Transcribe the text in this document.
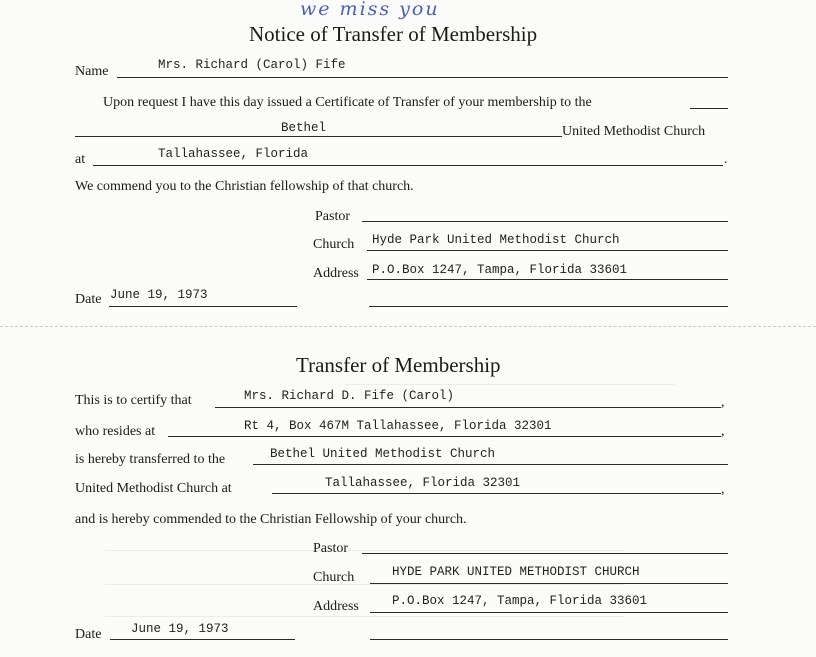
we miss you
Notice of Transfer of Membership
Name	Mrs. Richard (Carol) Fife
Upon request I have this day issued a Certificate of Transfer of your membership to the
Bethel	United Methodist Church
at	Tallahassee, Florida	.
We commend you to the Christian fellowship of that church.
Pastor
Church Hyde Park United Methodist Church
Address P.O.Box 1247, Tampa, Florida 33601
Date June 19, 1973
Transfer of Membership
This is to certify that	Mrs. Richard D. Fife (Carol)	,
who resides at	Rt 4, Box 467M Tallahassee, Florida 32301	,
is hereby transferred to the	Bethel United Methodist Church
United Methodist Church at	Tallahassee, Florida 32301	,
and is hereby commended to the Christian Fellowship of your church.
Pastor
Church	HYDE PARK UNITED METHODIST CHURCH
Address	P.O.Box 1247, Tampa, Florida 33601
Date June 19, 1973
